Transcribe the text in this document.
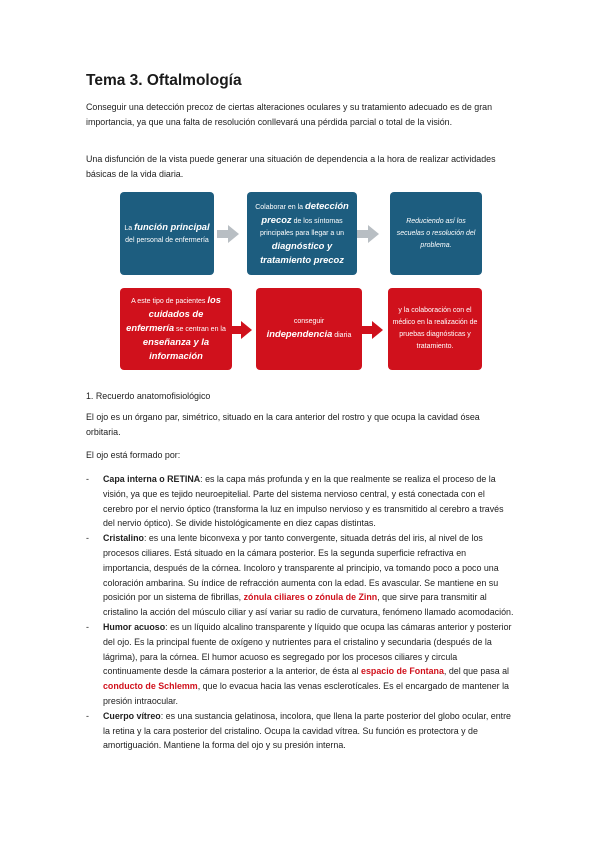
Tema 3. Oftalmología

Conseguir una detección precoz de ciertas alteraciones oculares y su tratamiento adecuado es de gran importancia, ya que una falta de resolución conllevará una pérdida parcial o total de la visión.

Una disfunción de la vista puede generar una situación de dependencia a la hora de realizar actividades básicas de la vida diaria.

La función principal
del personal de enfermería
Colaborar en la detección precoz de los síntomas principales para llegar a un diagnóstico y tratamiento precoz
Reduciendo así los secuelas o resolución del problema.
A este tipo de pacientes los cuidados de enfermería se centran en la enseñanza y la información
conseguir
independencia diaria
y la colaboración con el médico en la realización de pruebas diagnósticas y tratamiento.

1. Recuerdo anatomofisiológico

El ojo es un órgano par, simétrico, situado en la cara anterior del rostro y que ocupa la cavidad ósea orbitaria.

El ojo está formado por:

- Capa interna o RETINA: es la capa más profunda y en la que realmente se realiza el proceso de la visión, ya que es tejido neuroepitelial. Parte del sistema nervioso central, y está conectada con el cerebro por el nervio óptico (transforma la luz en impulso nervioso y es transmitido al cerebro a través del nervio óptico). Se divide histológicamente en diez capas distintas.
- Cristalino: es una lente biconvexa y por tanto convergente, situada detrás del iris, al nivel de los procesos ciliares. Está situado en la cámara posterior. Es la segunda superficie refractiva en importancia, después de la córnea. Incoloro y transparente al principio, va tomando poco a poco una coloración ambarina. Su índice de refracción aumenta con la edad. Es avascular. Se mantiene en su posición por un sistema de fibrillas, zónula ciliares o zónula de Zinn, que sirve para transmitir al cristalino la acción del músculo ciliar y así variar su radio de curvatura, fenómeno llamado acomodación.
- Humor acuoso: es un líquido alcalino transparente y líquido que ocupa las cámaras anterior y posterior del ojo. Es la principal fuente de oxígeno y nutrientes para el cristalino y secundaria (después de la lágrima), para la córnea. El humor acuoso es segregado por los procesos ciliares y circula continuamente desde la cámara posterior a la anterior, de ésta al espacio de Fontana, del que pasa al conducto de Schlemm, que lo evacua hacia las venas esclerotícales. Es el encargado de mantener la presión intraocular.
- Cuerpo vítreo: es una sustancia gelatinosa, incolora, que llena la parte posterior del globo ocular, entre la retina y la cara posterior del cristalino. Ocupa la cavidad vítrea. Su función es protectora y de amortiguación. Mantiene la forma del ojo y su presión interna.
